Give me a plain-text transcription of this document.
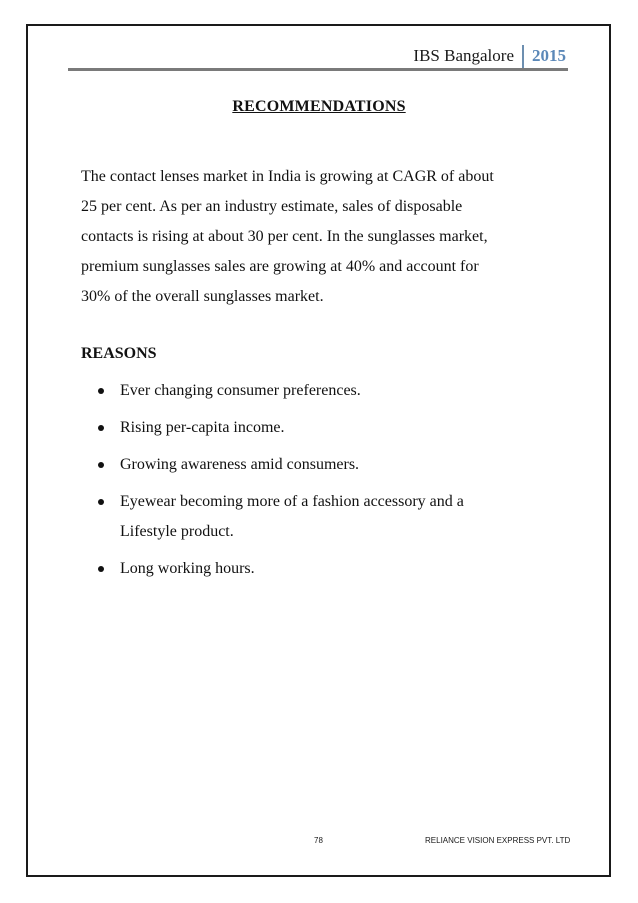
IBS Bangalore	2015
RECOMMENDATIONS
The contact lenses market in India is growing at CAGR of about
25 per cent. As per an industry estimate, sales of disposable
contacts is rising at about 30 per cent. In the sunglasses market,
premium sunglasses sales are growing at 40% and account for
30% of the overall sunglasses market.
REASONS
Ever changing consumer preferences.
Rising per-capita income.
Growing awareness amid consumers.
Eyewear becoming more of a fashion accessory and a
Lifestyle product.
Long working hours.
78	RELIANCE VISION EXPRESS PVT. LTD
